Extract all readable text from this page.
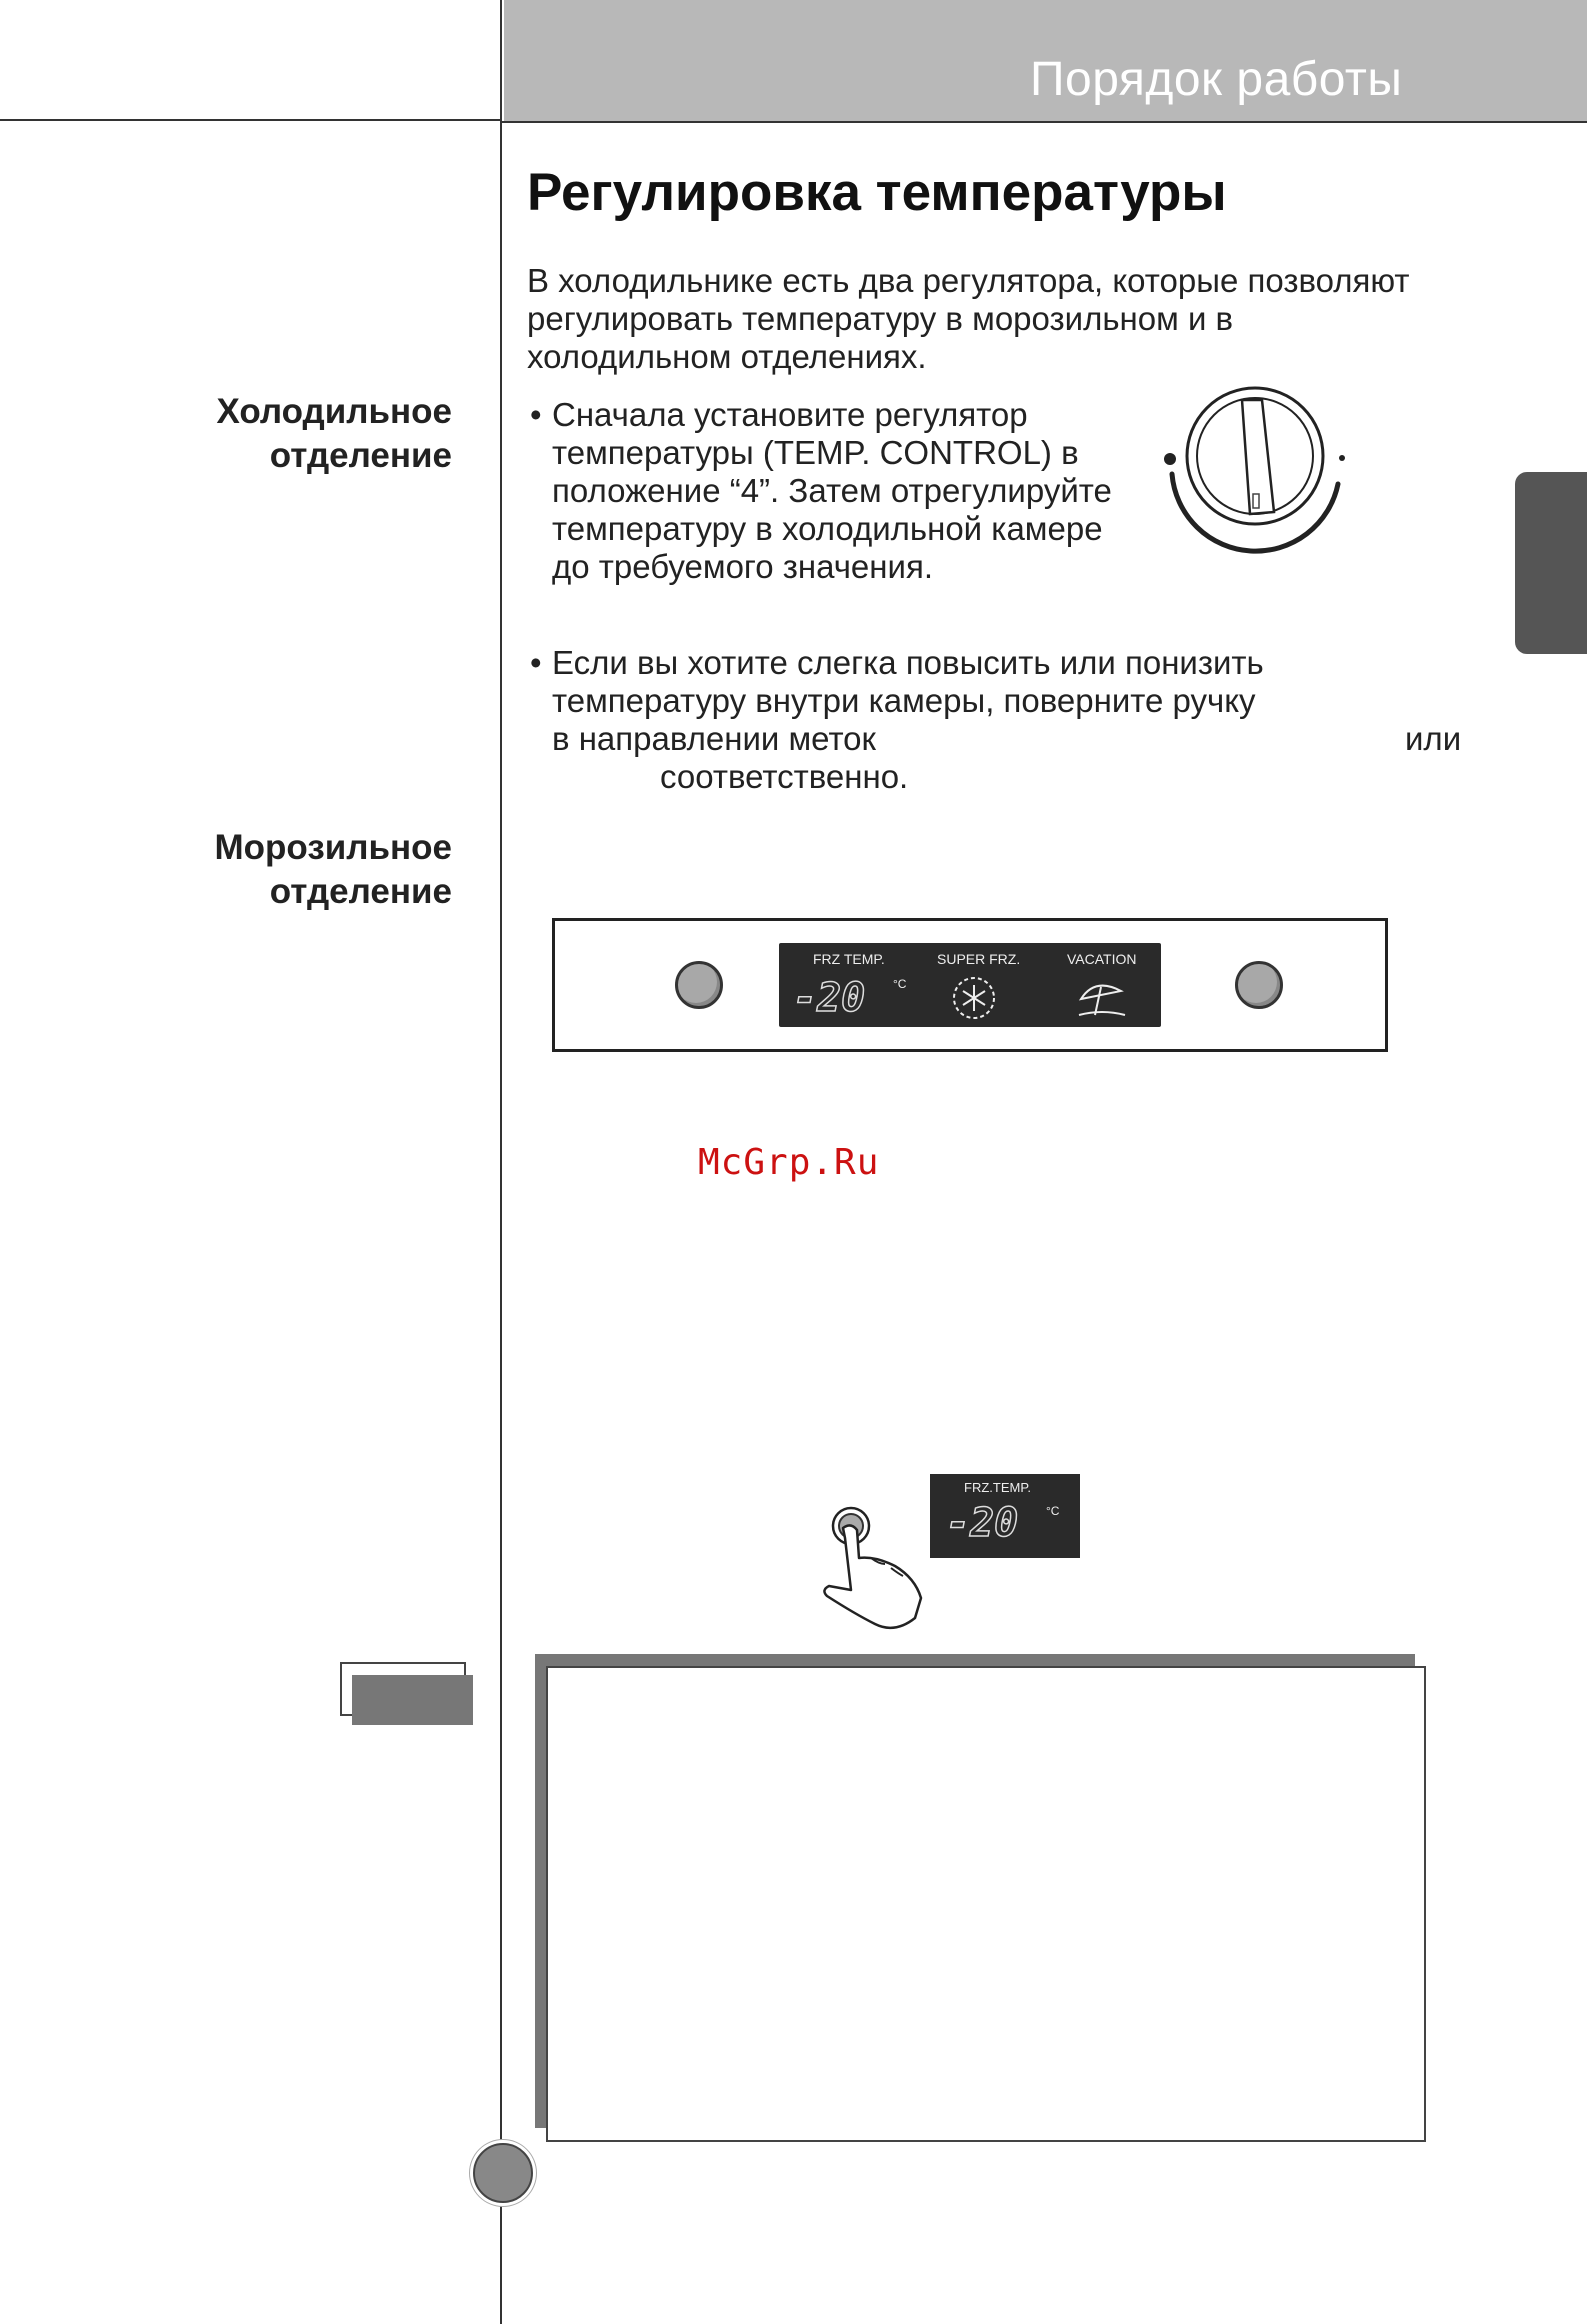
Порядок работы
Регулировка температуры
В холодильнике есть два регулятора, которые позволяют регулировать температуру в морозильном и в холодильном отделениях.
Холодильное
отделение
Морозильное
отделение
• Сначала установите регулятор температуры (TEMP. CONTROL) в положение “4”. Затем отрегулируйте температуру в холодильной камере до требуемого значения.
• Если вы хотите слегка повысить или понизить температуру внутри камеры, поверните ручку в направлении меток	или
соответственно.
FRZ TEMP.	SUPER FRZ.	VACATION
-20 °C
McGrp.Ru
FRZ.TEMP.
-20 °C
